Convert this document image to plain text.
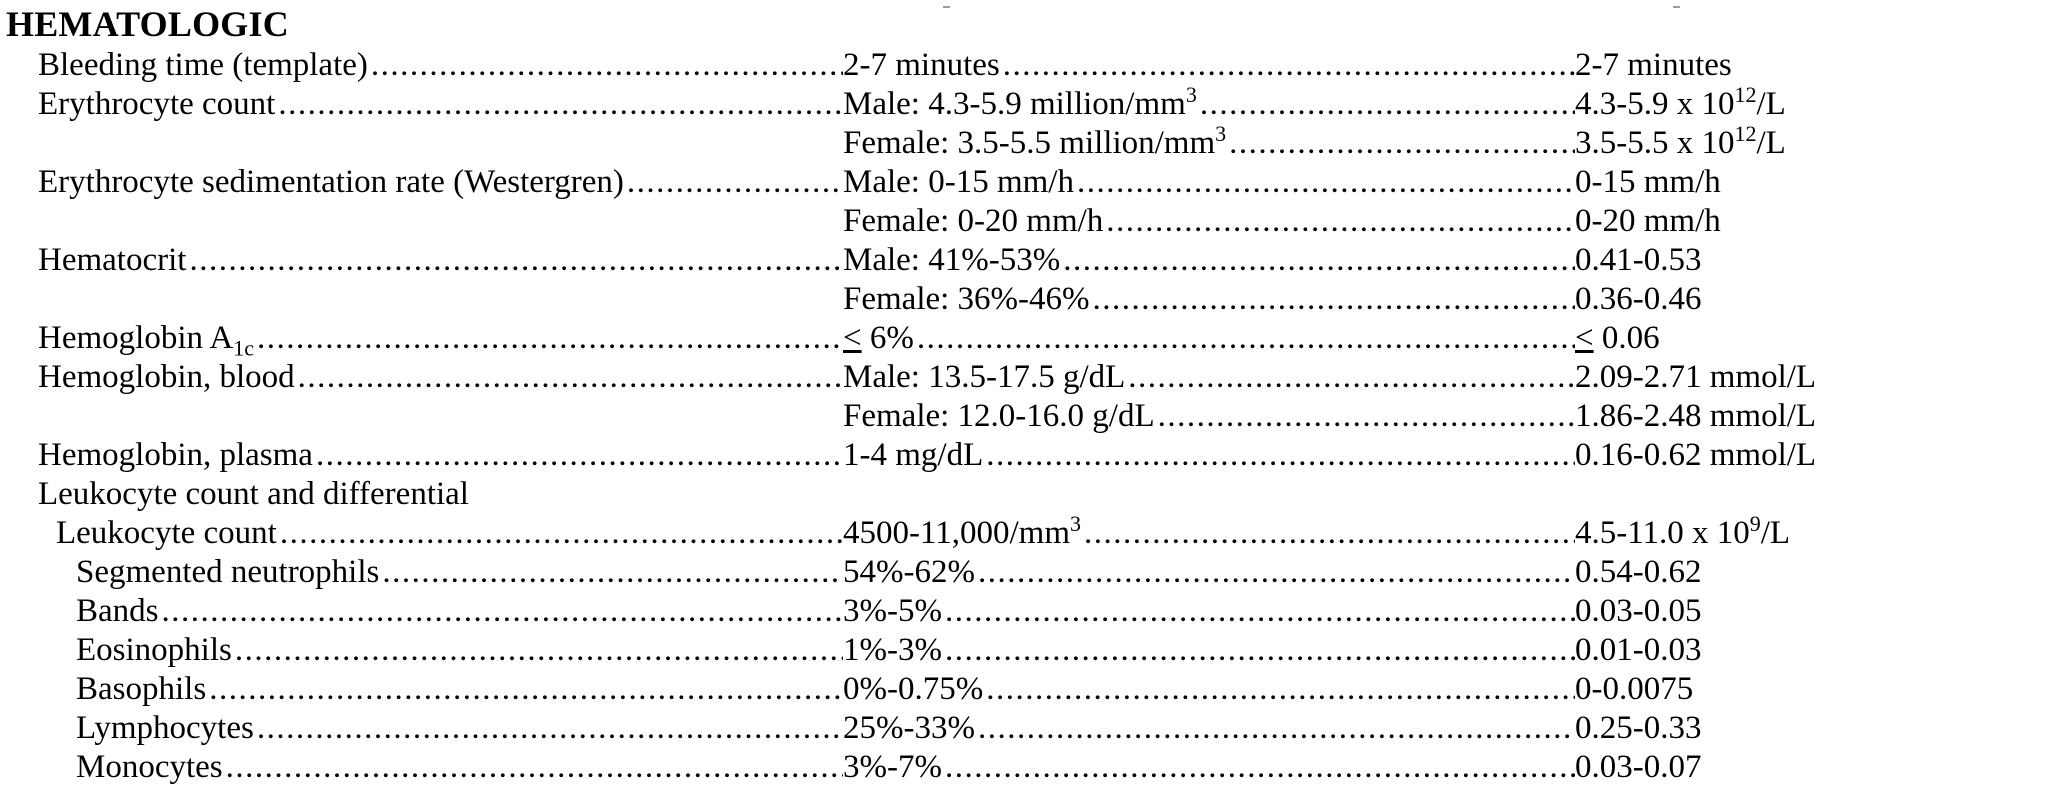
HEMATOLOGIC
Bleeding time (template) .....	2-7 minutes .....	2-7 minutes
Erythrocyte count .....	Male: 4.3-5.9 million/$mm^3$ .....	4.3-5.9 x $10^{12}/L$
Female: 3.5-5.5 million/$mm^3$ .....	3.5-5.5 x $10^{12}/L$
Erythrocyte sedimentation rate (Westergren) .....	Male: 0-15 mm/h .....	0-15 mm/h
Female: 0-20 mm/h .....	0-20 mm/h
Hematocrit .....	Male: 41%-53% .....	0.41-0.53
Female: 36%-46% .....	0.36-0.46
Hemoglobin $A_{1c}$ .....	< 6% .....	< 0.06
Hemoglobin, blood .....	Male: 13.5-17.5 g/dL .....	2.09-2.71 mmol/L
Female: 12.0-16.0 g/dL .....	1.86-2.48 mmol/L
Hemoglobin, plasma .....	1-4 mg/dL .....	0.16-0.62 mmol/L
Leukocyte count and differential
Leukocyte count .....	$4500-11,000/mm^3$ .....	4.5-11.0 x $10^9/L$
Segmented neutrophils .....	54%-62% .....	0.54-0.62
Bands .....	3%-5% .....	0.03-0.05
Eosinophils .....	1%-3% .....	0.01-0.03
Basophils .....	0%-0.75% .....	0-0.0075
Lymphocytes .....	25%-33% .....	0.25-0.33
Monocytes .....	3%-7% .....	0.03-0.07
